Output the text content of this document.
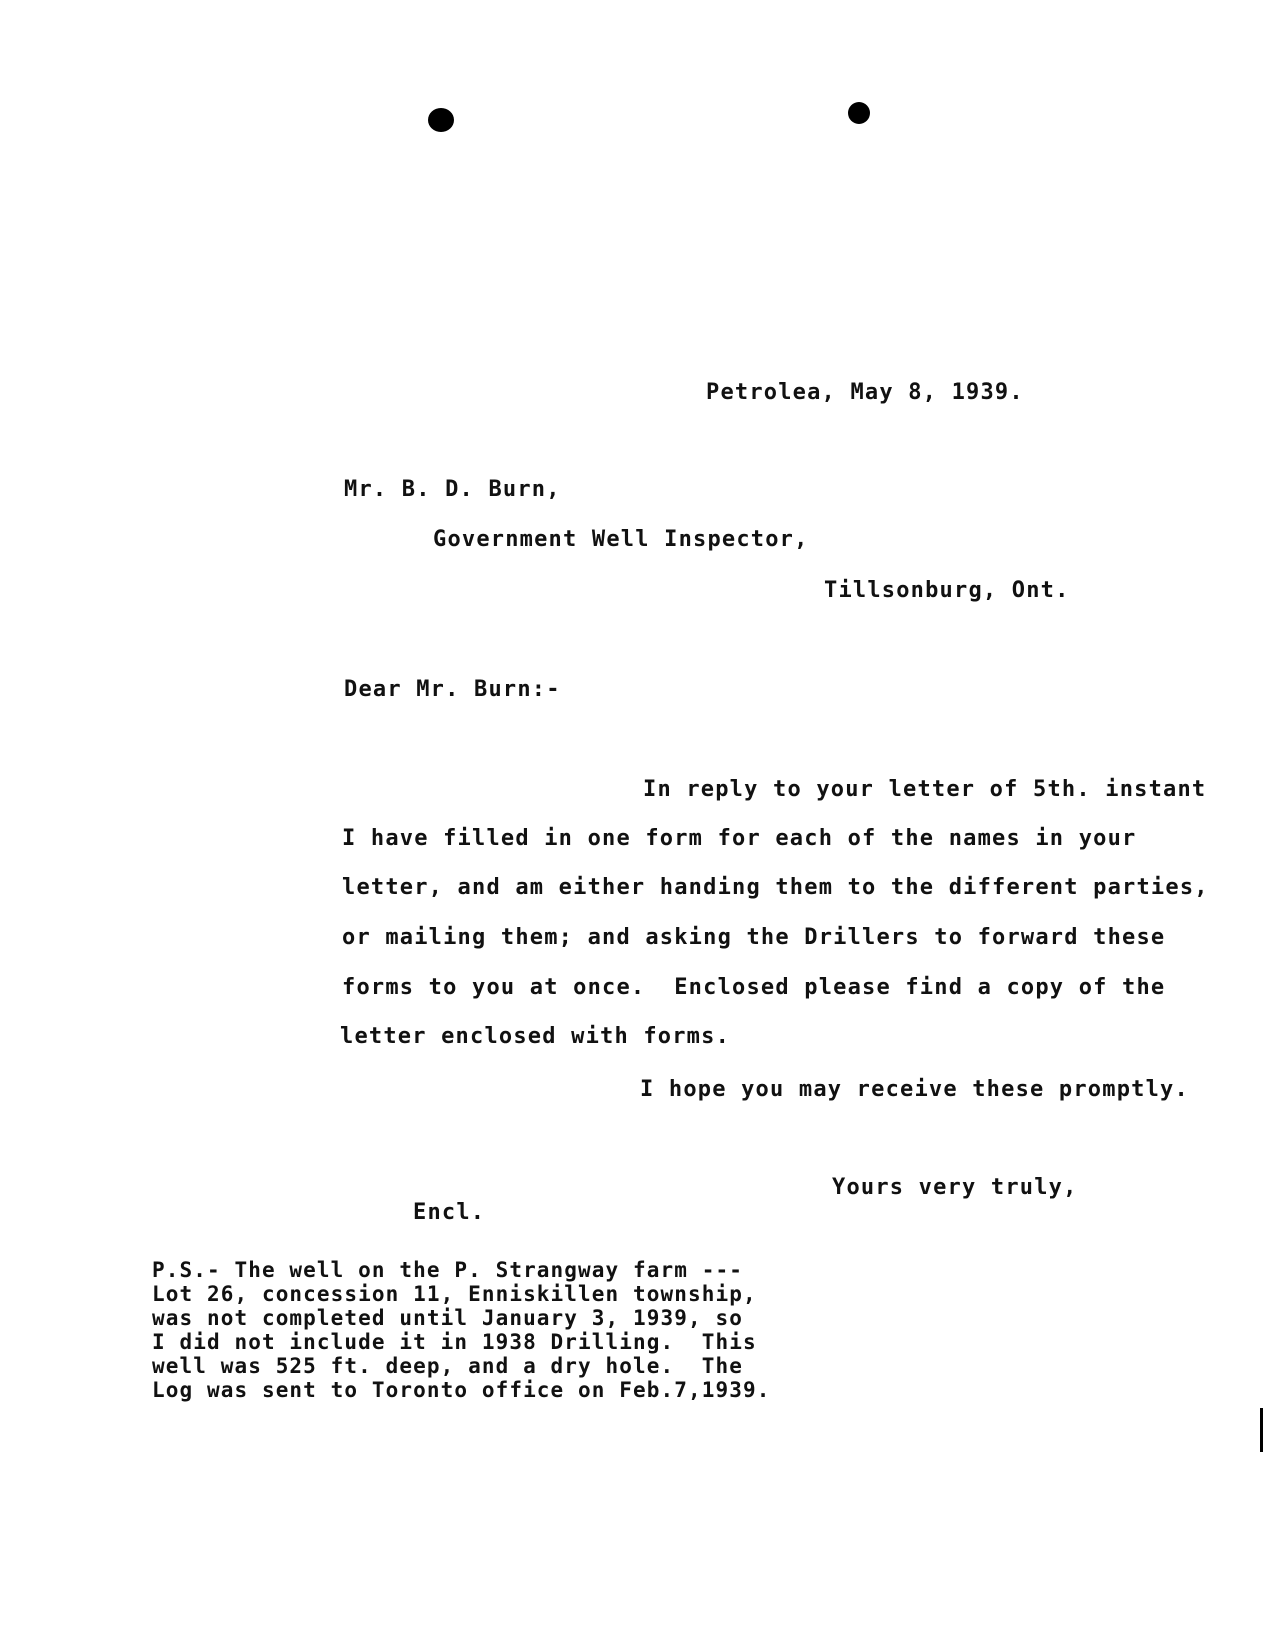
Petrolea, May 8, 1939.
Mr. B. D. Burn,
Government Well Inspector,
Tillsonburg, Ont.
Dear Mr. Burn:-
In reply to your letter of 5th. instant
I have filled in one form for each of the names in your
letter, and am either handing them to the different parties,
or mailing them; and asking the Drillers to forward these
forms to you at once.  Enclosed please find a copy of the
letter enclosed with forms.
I hope you may receive these promptly.
Yours very truly,
Encl.
P.S.- The well on the P. Strangway farm ---
Lot 26, concession 11, Enniskillen township,
was not completed until January 3, 1939, so
I did not include it in 1938 Drilling.  This
well was 525 ft. deep, and a dry hole.  The
Log was sent to Toronto office on Feb.7,1939.
